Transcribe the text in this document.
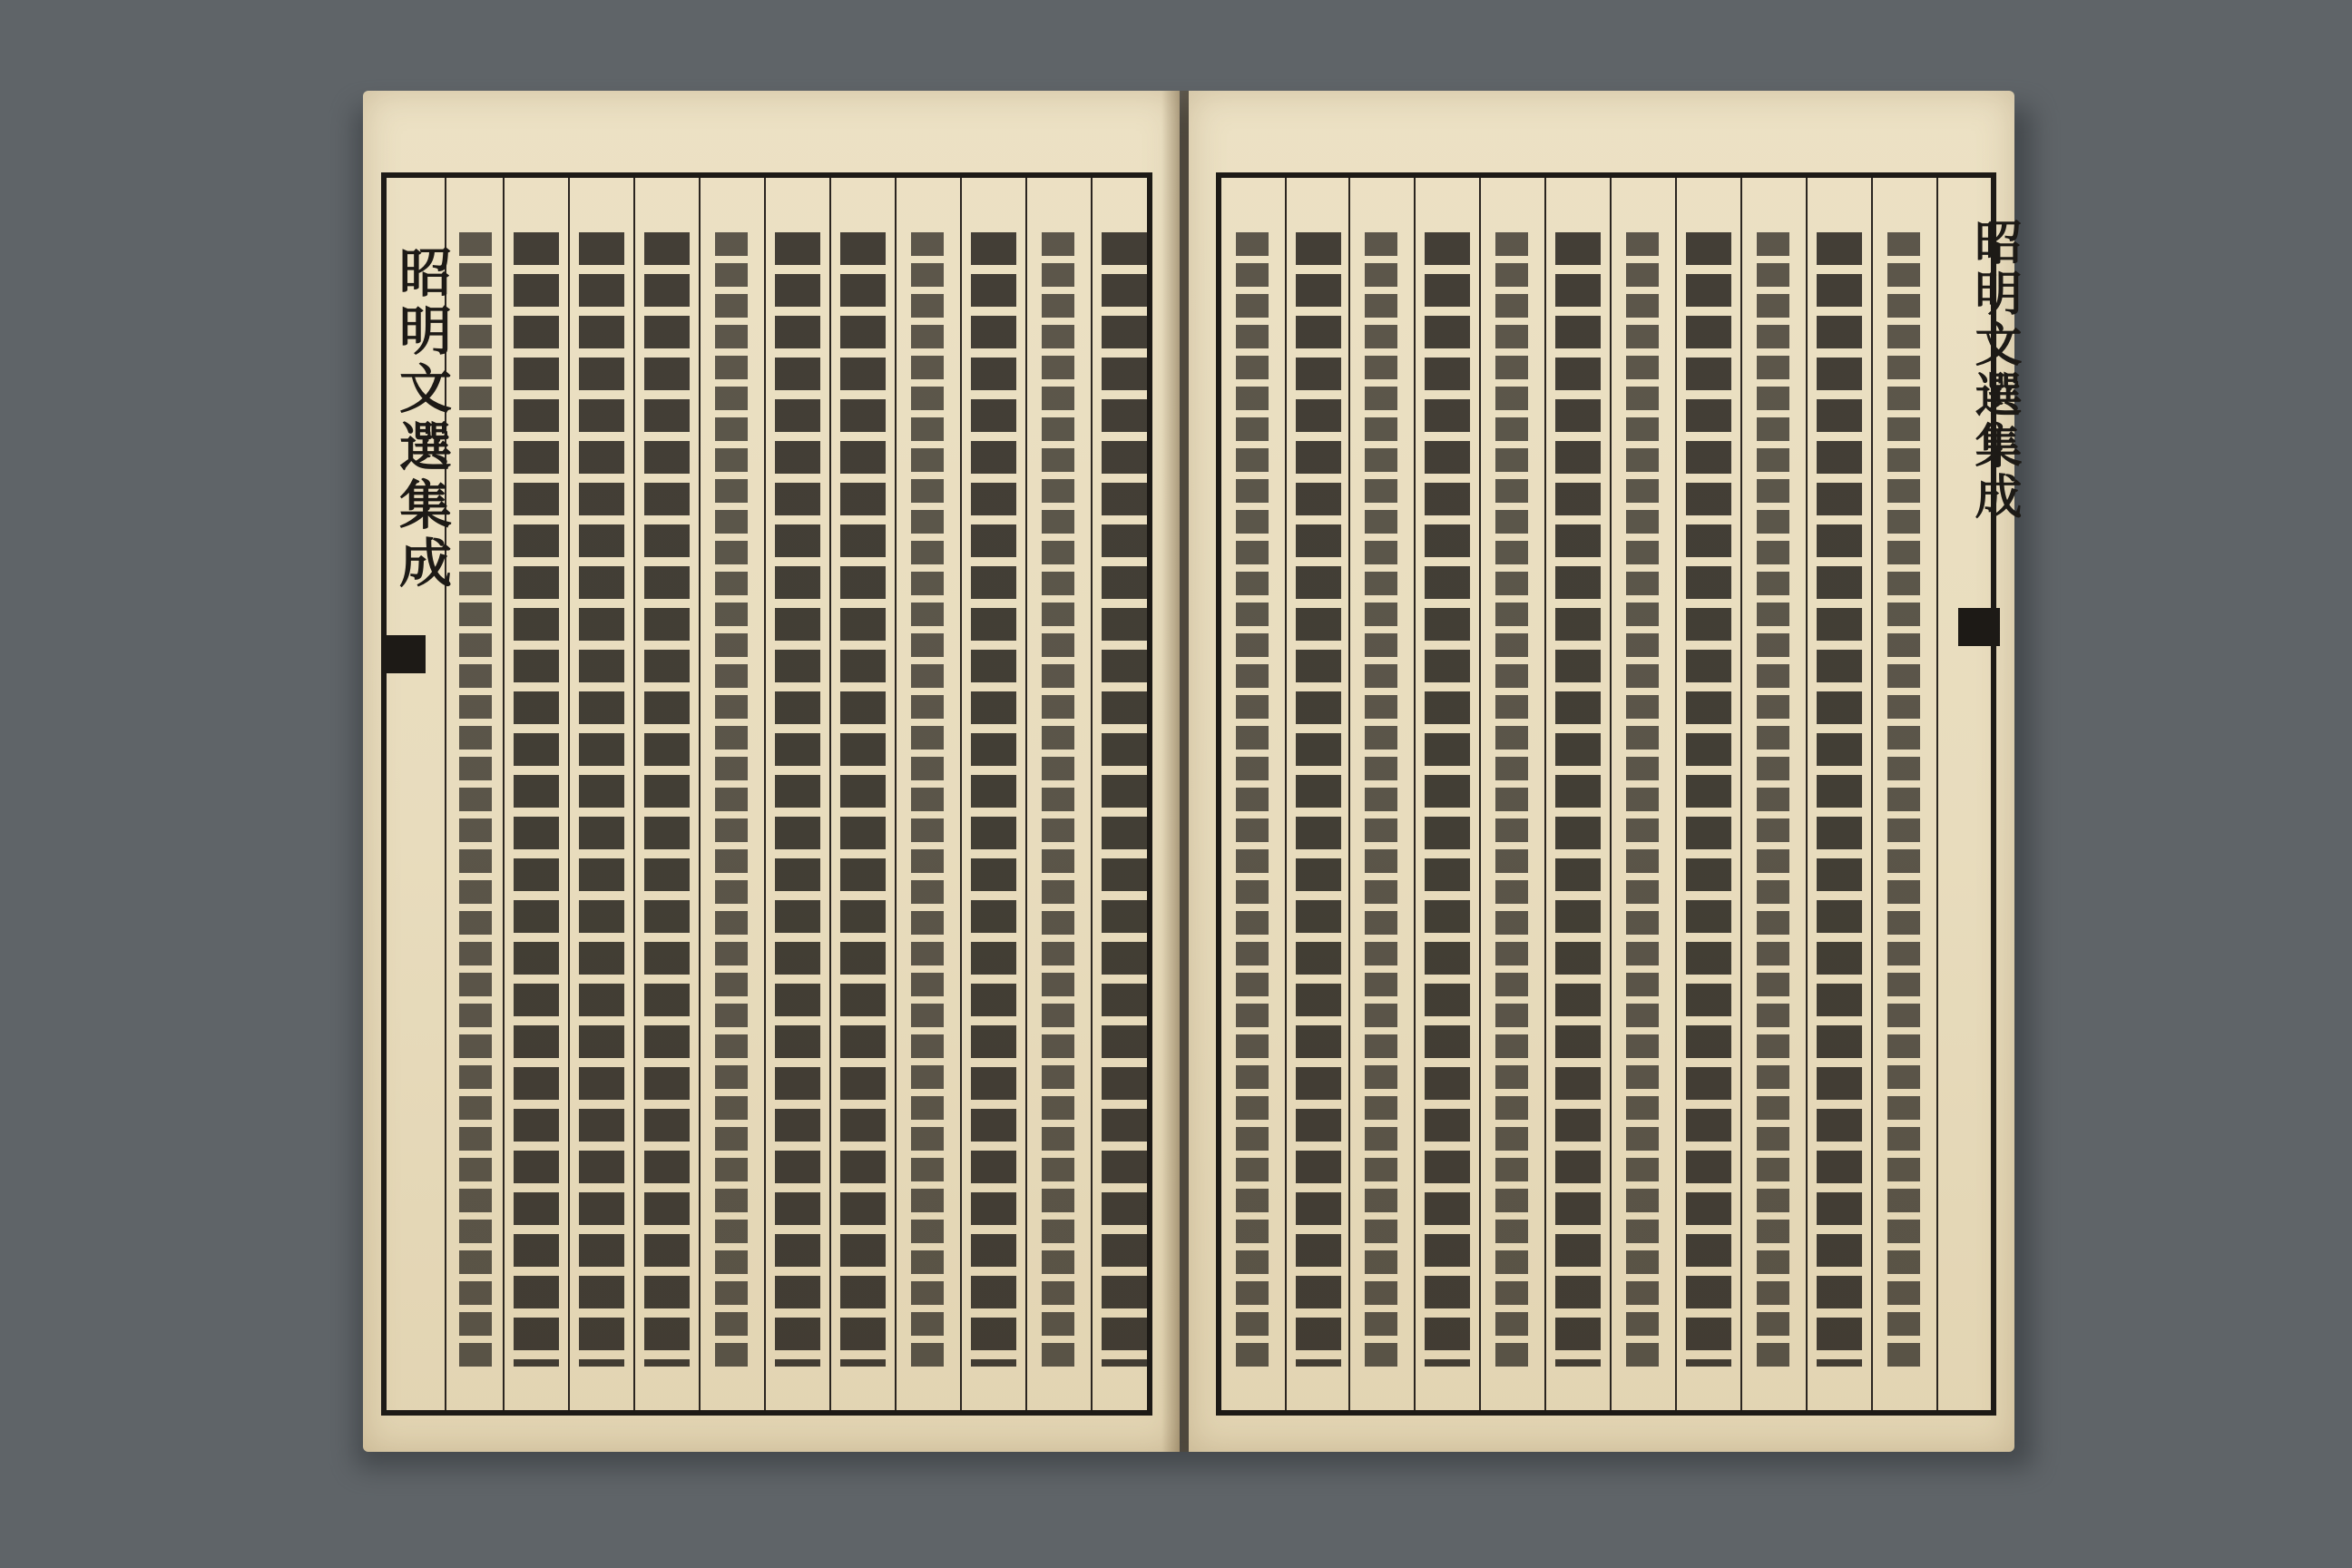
昭明文選集成	昭明文選集成
